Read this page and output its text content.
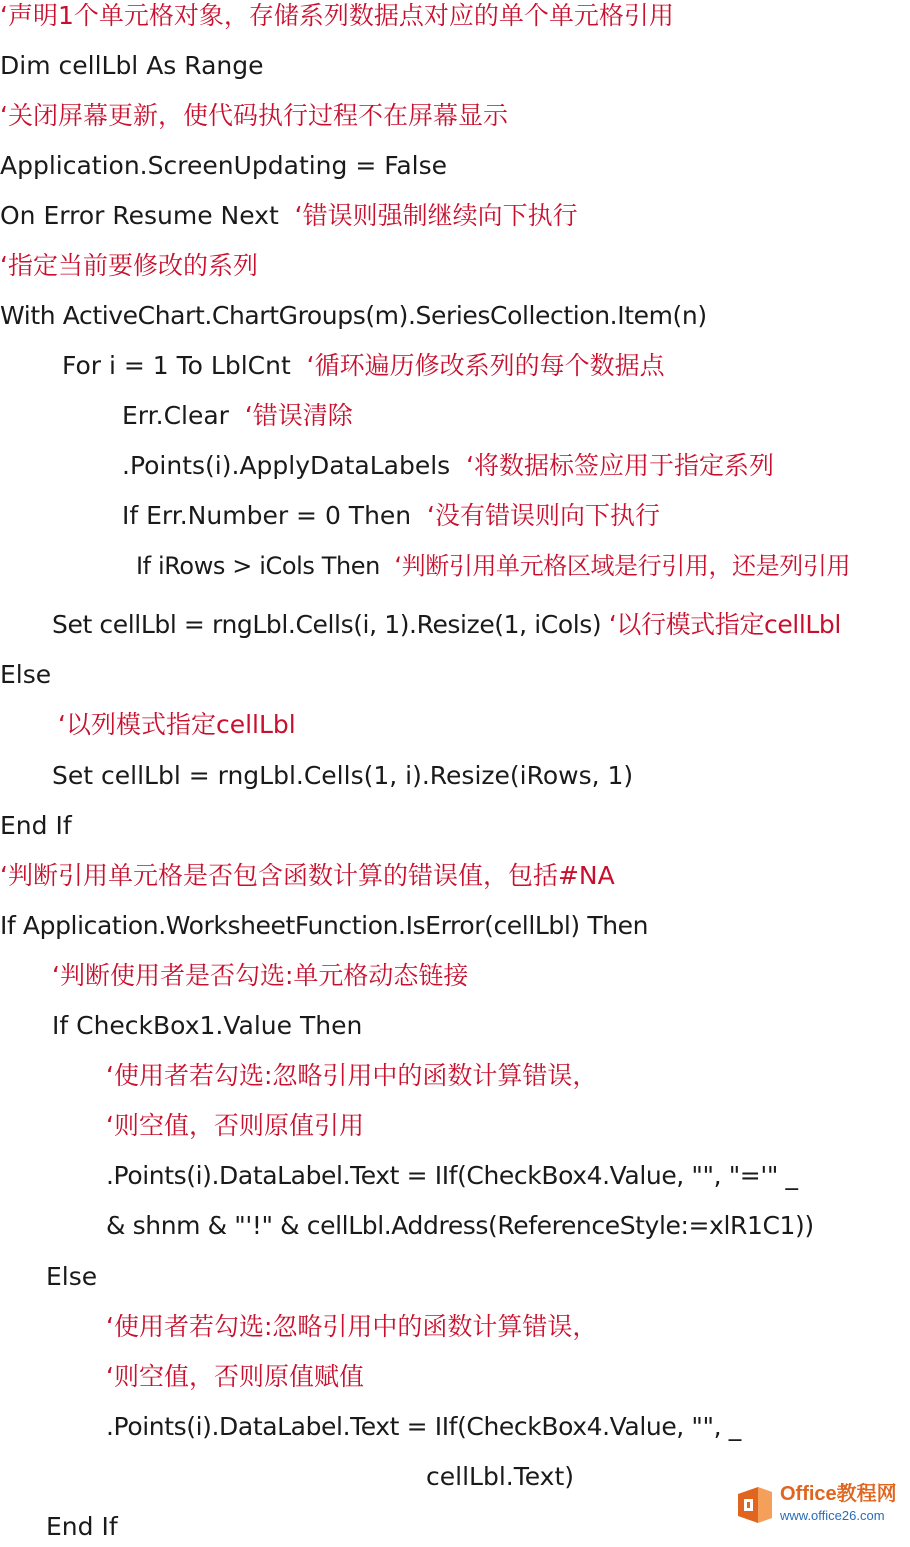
‘声明1个单元格对象，存储系列数据点对应的单个单元格引用
Dim cellLbl As Range
‘关闭屏幕更新，使代码执行过程不在屏幕显示
Application.ScreenUpdating = False
On Error Resume Next  ‘错误则强制继续向下执行
‘指定当前要修改的系列
With ActiveChart.ChartGroups(m).SeriesCollection.Item(n)
For i = 1 To LblCnt  ‘循环遍历修改系列的每个数据点
Err.Clear  ‘错误清除
.Points(i).ApplyDataLabels  ‘将数据标签应用于指定系列
If Err.Number = 0 Then  ‘没有错误则向下执行
If iRows > iCols Then  ‘判断引用单元格区域是行引用，还是列引用
Set cellLbl = rngLbl.Cells(i, 1).Resize(1, iCols) ‘以行模式指定cellLbl
Else
‘以列模式指定cellLbl
Set cellLbl = rngLbl.Cells(1, i).Resize(iRows, 1)
End If
‘判断引用单元格是否包含函数计算的错误值，包括#NA
If Application.WorksheetFunction.IsError(cellLbl) Then
‘判断使用者是否勾选:单元格动态链接
If CheckBox1.Value Then
‘使用者若勾选:忽略引用中的函数计算错误，
‘则空值，否则原值引用
.Points(i).DataLabel.Text = IIf(CheckBox4.Value, "", "='" _
& shnm & "'!" & cellLbl.Address(ReferenceStyle:=xlR1C1))
Else
‘使用者若勾选:忽略引用中的函数计算错误，
‘则空值，否则原值赋值
.Points(i).DataLabel.Text = IIf(CheckBox4.Value, "", _
cellLbl.Text)
End If
Office教程网
www.office26.com
